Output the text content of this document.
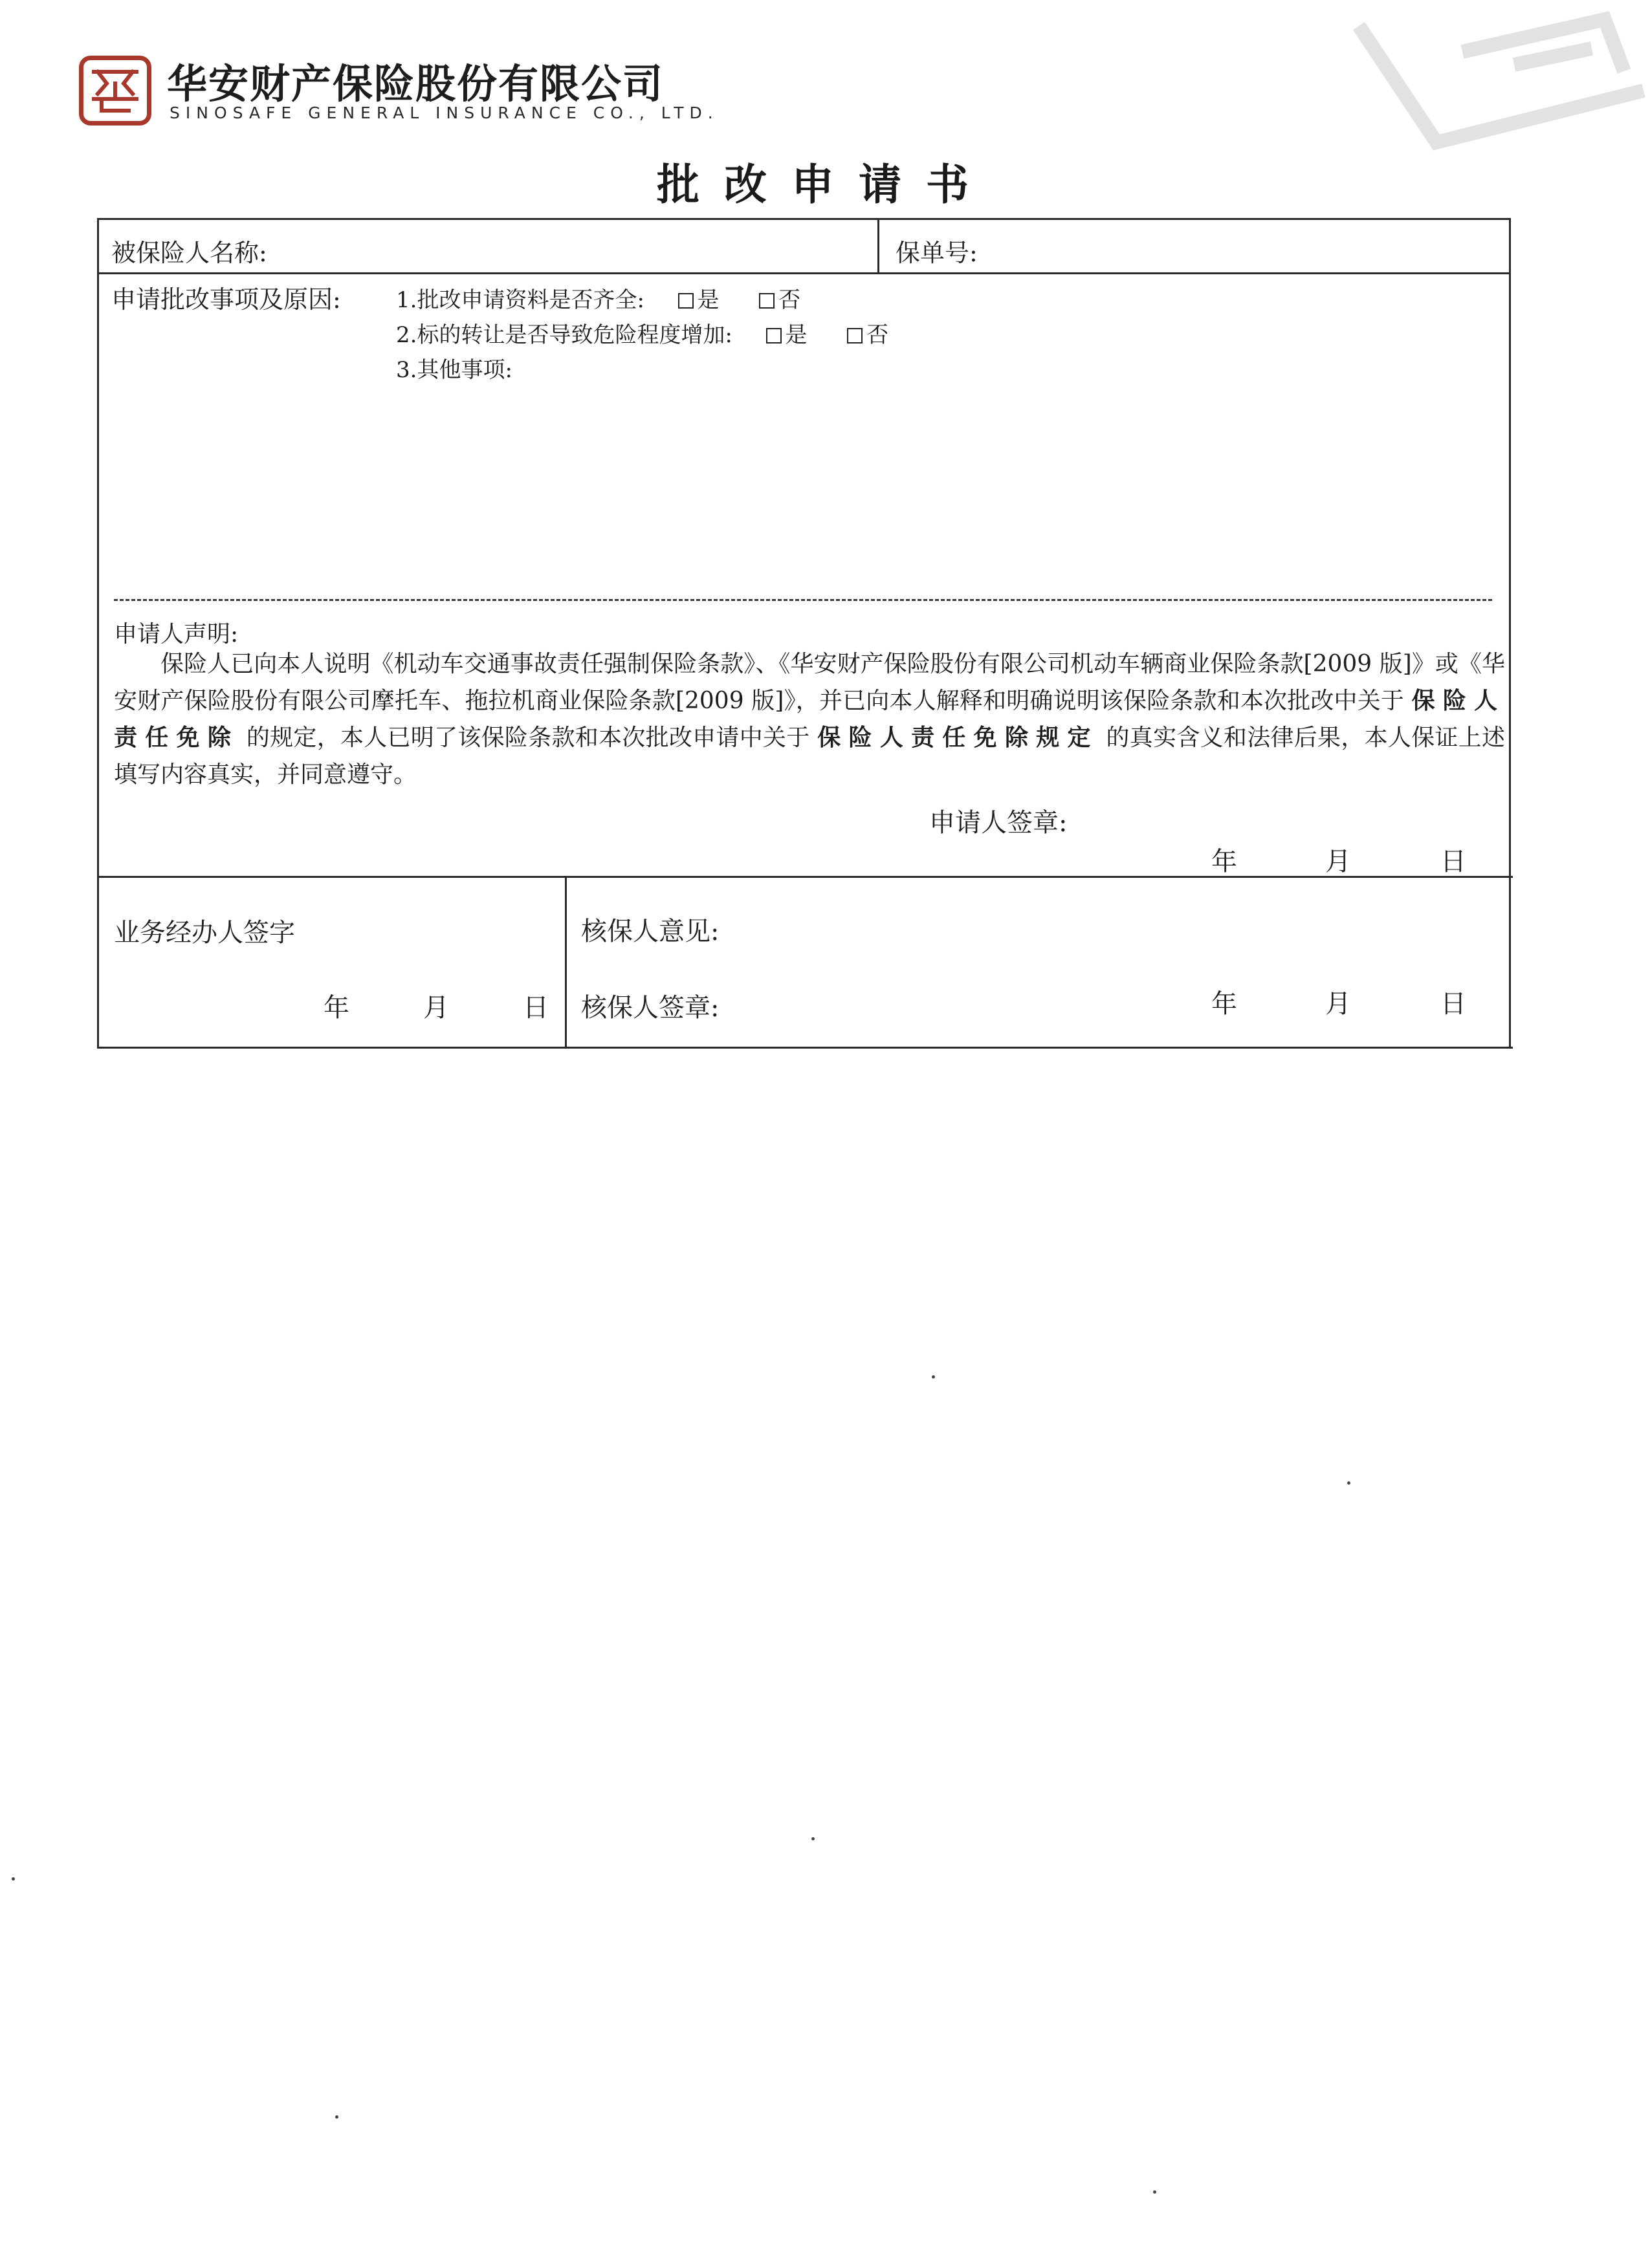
华安财产保险股份有限公司
SINOSAFE GENERAL INSURANCE CO., LTD.
批改申请书
被保险人名称:	保单号:
申请批改事项及原因:	1.批改申请资料是否齐全: 是	否
2.标的转让是否导致危险程度增加: 是	否
3.其他事项:
申请人声明:
保险人已向本人说明《机动车交通事故责任强制保险条款》、《华安财产保险股份有限公司机动车辆商业保险条款[2009 版]》或《华安财产保险股份有限公司摩托车、拖拉机商业保险条款[2009 版]》，并已向本人解释和明确说明该保险条款和本次批改中关于 保险人责任免除 的规定，本人已明了该保险条款和本次批改申请中关于 保险人责任免除规定 的真实含义和法律后果，本人保证上述填写内容真实，并同意遵守。
申请人签章:
年	月	日
业务经办人签字
年	月	日
核保人意见:
核保人签章:	年	月	日
